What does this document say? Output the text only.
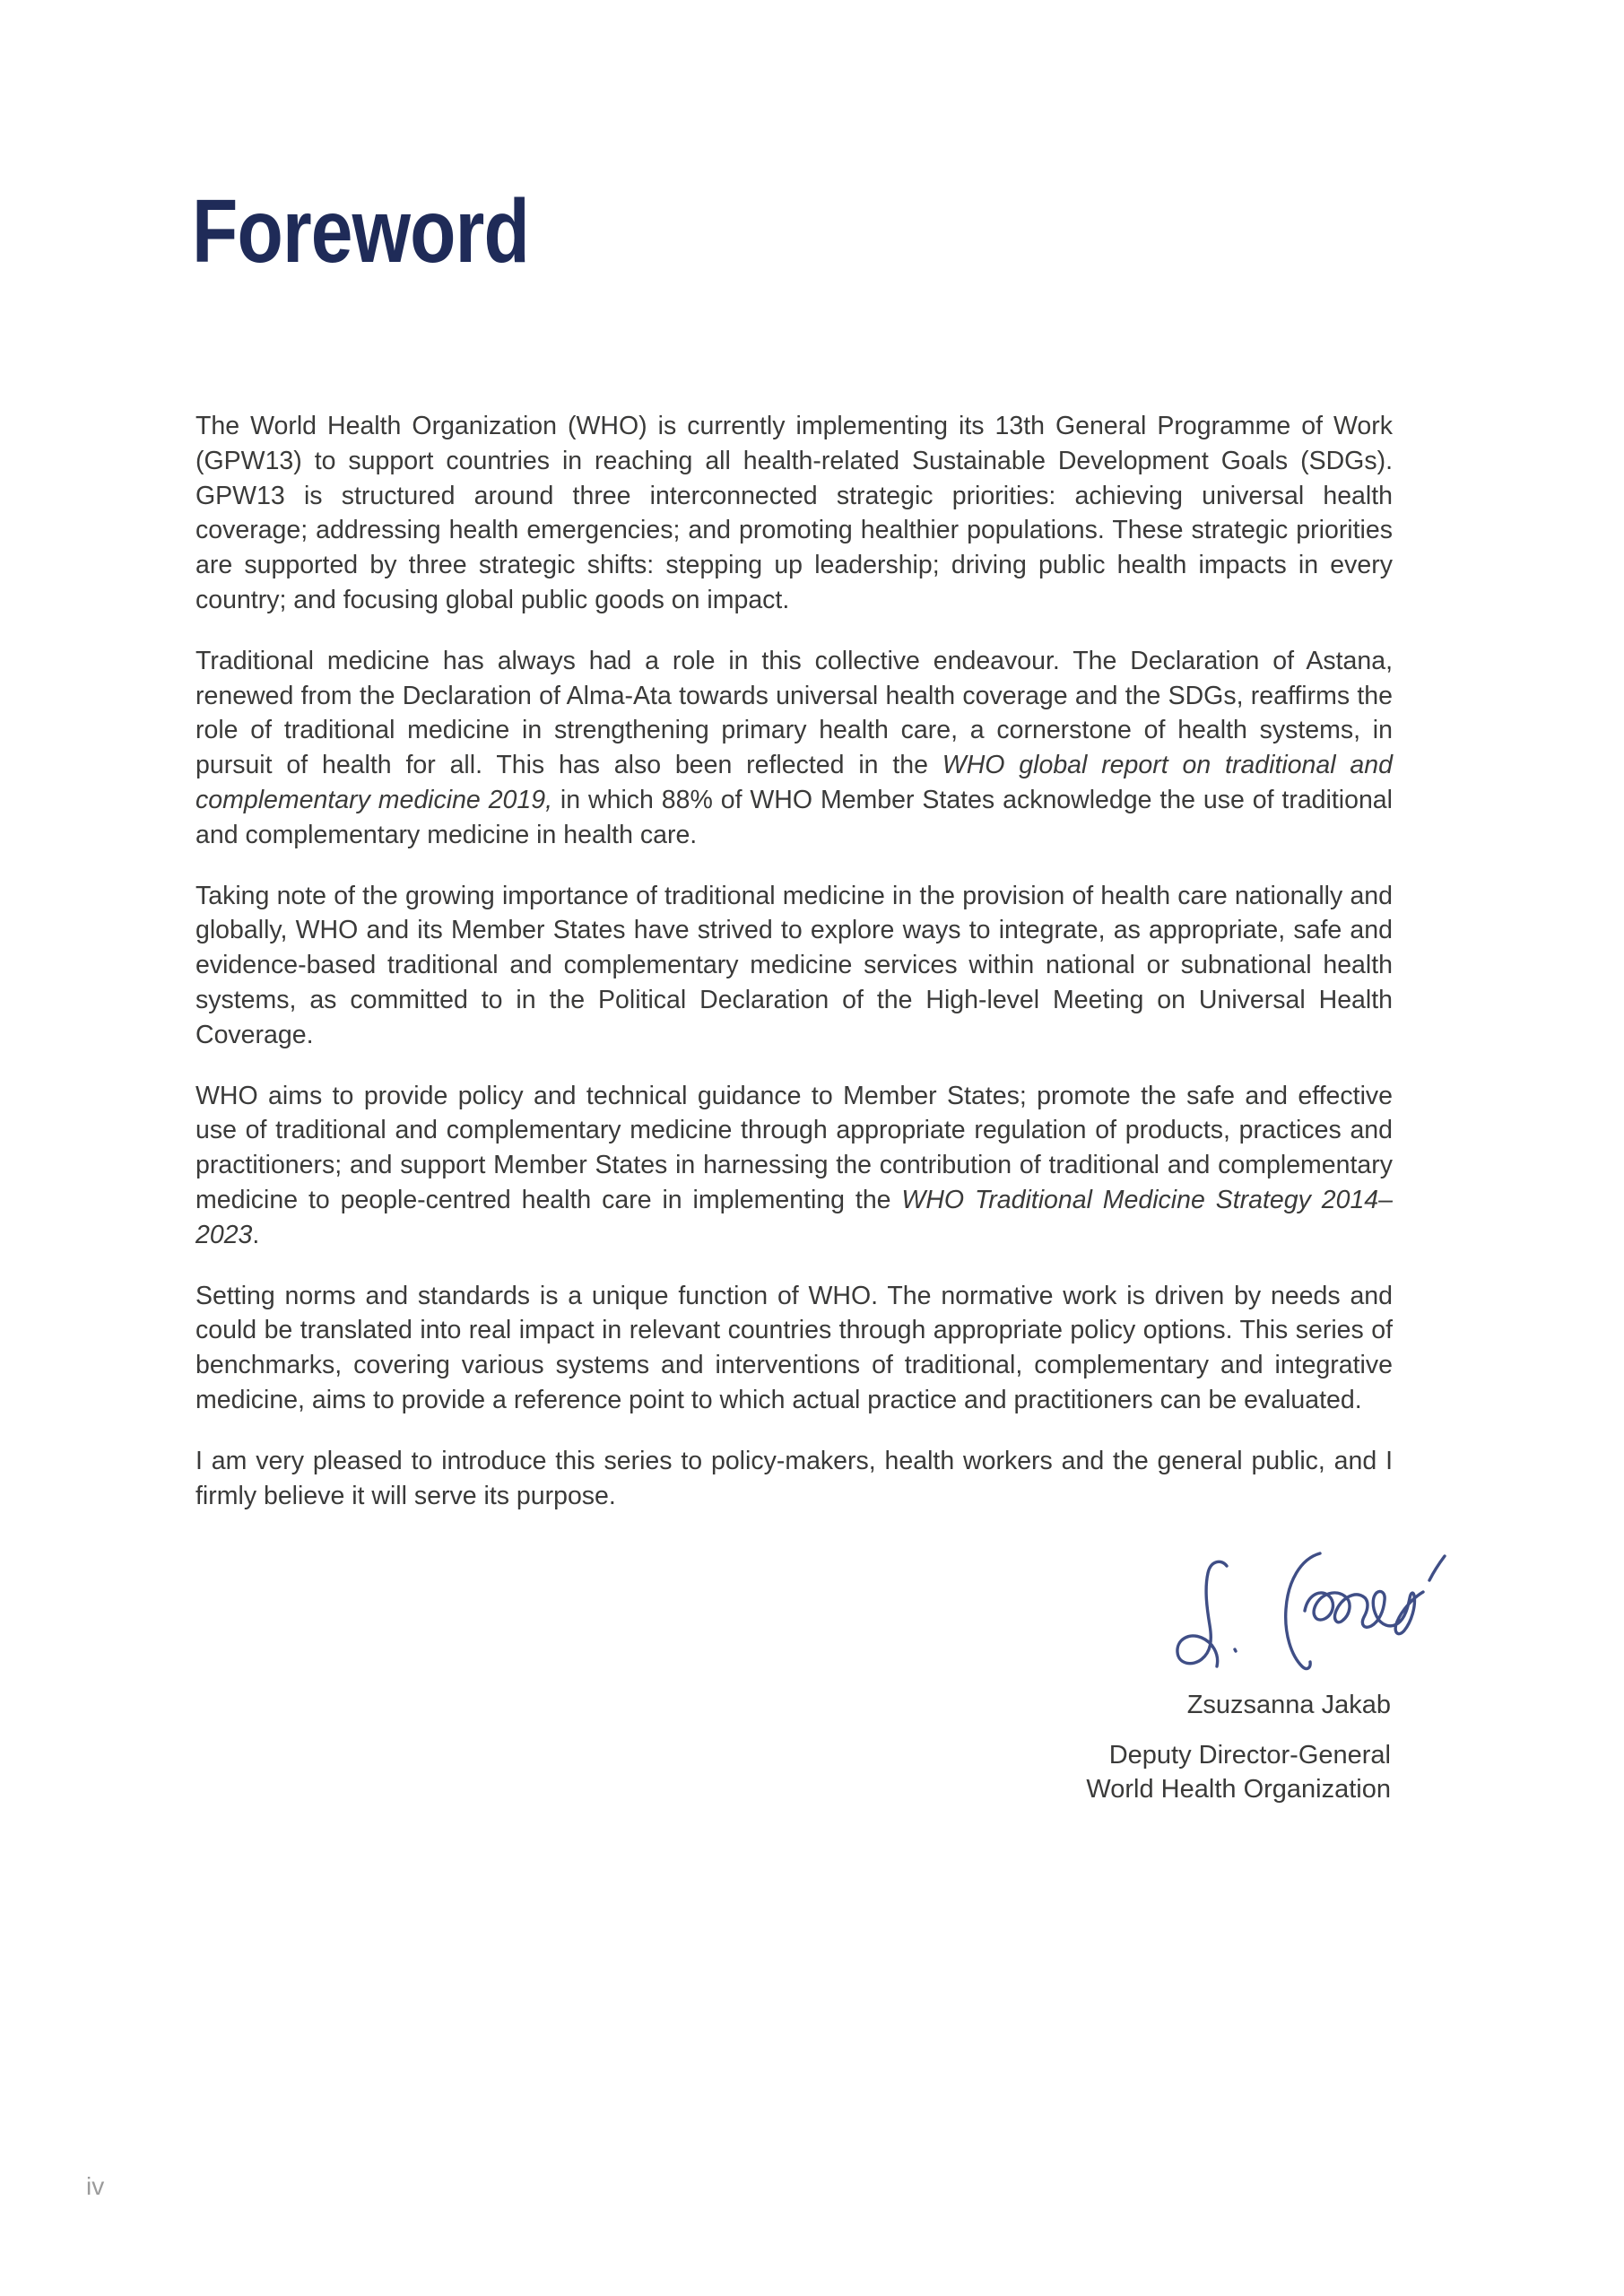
Foreword

The World Health Organization (WHO) is currently implementing its 13th General Programme of Work (GPW13) to support countries in reaching all health-related Sustainable Development Goals (SDGs). GPW13 is structured around three interconnected strategic priorities: achieving universal health coverage; addressing health emergencies; and promoting healthier populations. These strategic priorities are supported by three strategic shifts: stepping up leadership; driving public health impacts in every country; and focusing global public goods on impact.

Traditional medicine has always had a role in this collective endeavour. The Declaration of Astana, renewed from the Declaration of Alma-Ata towards universal health coverage and the SDGs, reaffirms the role of traditional medicine in strengthening primary health care, a cornerstone of health systems, in pursuit of health for all. This has also been reflected in the WHO global report on traditional and complementary medicine 2019, in which 88% of WHO Member States acknowledge the use of traditional and complementary medicine in health care.

Taking note of the growing importance of traditional medicine in the provision of health care nationally and globally, WHO and its Member States have strived to explore ways to integrate, as appropriate, safe and evidence-based traditional and complementary medicine services within national or subnational health systems, as committed to in the Political Declaration of the High-level Meeting on Universal Health Coverage.

WHO aims to provide policy and technical guidance to Member States; promote the safe and effective use of traditional and complementary medicine through appropriate regulation of products, practices and practitioners; and support Member States in harnessing the contribution of traditional and complementary medicine to people-centred health care in implementing the WHO Traditional Medicine Strategy 2014–2023.

Setting norms and standards is a unique function of WHO. The normative work is driven by needs and could be translated into real impact in relevant countries through appropriate policy options. This series of benchmarks, covering various systems and interventions of traditional, complementary and integrative medicine, aims to provide a reference point to which actual practice and practitioners can be evaluated.

I am very pleased to introduce this series to policy-makers, health workers and the general public, and I firmly believe it will serve its purpose.

Zsuzsanna Jakab
Deputy Director-General
World Health Organization
iv
